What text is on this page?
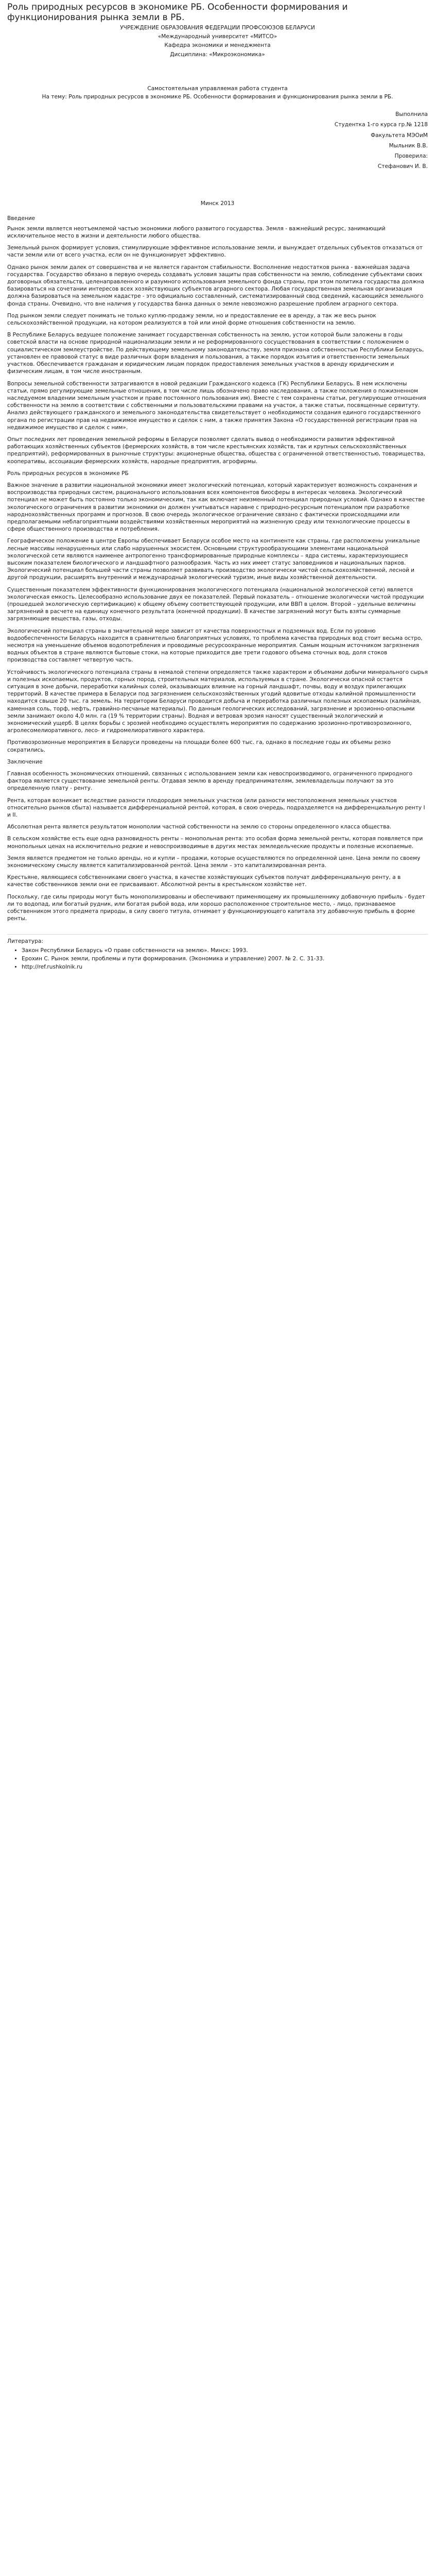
Роль природных ресурсов в экономике РБ. Особенности формирования и функционирования рынка земли в РБ.
УЧРЕЖДЕНИЕ ОБРАЗОВАНИЯ ФЕДЕРАЦИИ ПРОФСОЮЗОВ БЕЛАРУСИ
«Международный университет «МИТСО»
Кафедра экономики и менеджмента
Дисциплина: «Микроэкономика»
Самостоятельная управляемая работа студента
На тему: Роль природных ресурсов в экономике РБ. Особенности формирования и функционирования рынка земли в РБ.

Выполнила

Студентка 1-го курса гр.№ 1218

Факультета МЭОиМ

Мыльник В.В.

Проверила:

Стефанович И. В.

Минск 2013
Введение

Рынок земли является неотъемлемой частью экономики любого развитого государства. Земля - важнейший ресурс, занимающий исключительное место в жизни и деятельности любого общества.

Земельный рынок формирует условия, стимулирующие эффективное использование земли, и вынуждает отдельных субъектов отказаться от части земли или от всего участка, если он не функционирует эффективно.

Однако рынок земли далек от совершенства и не является гарантом стабильности. Восполнение недостатков рынка - важнейшая задача государства. Государство обязано в первую очередь создавать условия защиты прав собственности на землю, соблюдение субъектами своих договорных обязательств, целенаправленного и разумного использования земельного фонда страны, при этом политика государства должна базироваться на сочетании интересов всех хозяйствующих субъектов аграрного сектора. Любая государственная земельная организация должна базироваться на земельном кадастре - это официально составленный, систематизированный свод сведений, касающийся земельного фонда страны. Очевидно, что вне наличия у государства банка данных о земле невозможно разрешение проблем аграрного сектора.

Под рынком земли следует понимать не только куплю-продажу земли, но и предоставление ее в аренду, а так же весь рынок сельскохозяйственной продукции, на котором реализуются в той или иной форме отношения собственности на землю.

В Республике Беларусь ведущее положение занимает государственная собственность на землю, устои которой были заложены в годы советской власти на основе природной национализации земли и не реформированного сосуществования в соответствии с положением о социалистическом землеустройстве. По действующему земельному законодательству, земля признана собственностью Республики Беларусь, установлен ее правовой статус в виде различных форм владения и пользования, а также порядок изъятия и ответственности земельных участков. Обеспечивается гражданам и юридическим лицам порядок предоставления земельных участков в аренду юридическим и физическим лицам, в том числе иностранным.

Вопросы земельной собственности затрагиваются в новой редакции Гражданского кодекса (ГК) Республики Беларусь. В нем исключены статьи, прямо регулирующие земельные отношения, в том числе лишь обозначено право наследования, а также положения о пожизненном наследуемом владении земельным участком и праве постоянного пользования им). Вместе с тем сохранены статьи, регулирующие отношения собственности на землю в соответствии с собственными и пользовательскими правами на участок, а также статьи, посвященные сервитуту. Анализ действующего гражданского и земельного законодательства свидетельствует о необходимости создания единого государственного органа по регистрации прав на недвижимое имущество и сделок с ним, а также принятия Закона «О государственной регистрации прав на недвижимое имущество и сделок с ним».

Опыт последних лет проведения земельной реформы в Беларуси позволяет сделать вывод о необходимости развития эффективной работающих хозяйственных субъектов (фермерских хозяйств, в том числе крестьянских хозяйств, так и крупных сельскохозяйственных предприятий), реформированных в рыночные структуры: акционерные общества, общества с ограниченной ответственностью, товарищества, кооперативы, ассоциации фермерских хозяйств, народные предприятия, агрофирмы.

Роль природных ресурсов в экономике РБ

Важное значение в развитии национальной экономики имеет экологический потенциал, который характеризует возможность сохранения и воспроизводства природных систем, рационального использования всех компонентов биосферы в интересах человека. Экологический потенциал не может быть постоянно только экономическим, так как включает неизменный потенциал природных условий. Однако в качестве экологического ограничения в развитии экономики он должен учитываться наравне с природно-ресурсным потенциалом при разработке народнохозяйственных программ и прогнозов. В свою очередь экологическое ограничение связано с фактически происходящими или предполагаемыми неблагоприятными воздействиями хозяйственных мероприятий на жизненную среду или технологические процессы в сфере общественного производства и потребления.

Географическое положение в центре Европы обеспечивает Беларуси особое место на континенте как страны, где расположены уникальные лесные массивы ненарушенных или слабо нарушенных экосистем. Основными структурообразующими элементами национальной экологической сети являются наименее антропогенно трансформированные природные комплексы – ядра системы, характеризующиеся высоким показателем биологического и ландшафтного разнообразия. Часть из них имеет статус заповедников и национальных парков. Экологический потенциал большей части страны позволяет развивать производство экологически чистой сельскохозяйственной, лесной и другой продукции, расширять внутренний и международный экологический туризм, иные виды хозяйственной деятельности.

Существенным показателем эффективности функционирования экологического потенциала (национальной экологической сети) является экологическая емкость. Целесообразно использование двух ее показателей. Первый показатель – отношение экологически чистой продукции (прошедшей экологическую сертификацию) к общему объему соответствующей продукции, или ВВП в целом. Второй – удельные величины загрязнений в расчете на единицу конечного результата (конечной продукции). В качестве загрязнений могут быть взяты суммарные загрязняющие вещества, газы, отходы.

Экологический потенциал страны в значительной мере зависит от качества поверхностных и подземных вод. Если по уровню водообеспеченности Беларусь находится в сравнительно благоприятных условиях, то проблема качества природных вод стоит весьма остро, несмотря на уменьшение объемов водопотребления и проводимые ресурсоохранные мероприятия. Самым мощным источником загрязнения водных объектов в стране являются бытовые стоки, на которые приходится две трети годового объема сточных вод, доля стоков производства составляет четвертую часть.

Устойчивость экологического потенциала страны в немалой степени определяется также характером и объемами добычи минерального сырья и полезных ископаемых, продуктов, горных пород, строительных материалов, используемых в стране. Экологически опасной остается ситуация в зоне добычи, переработки калийных солей, оказывающих влияние на горный ландшафт, почвы, воду и воздух прилегающих территорий. В качестве примера в Беларуси под загрязнением сельскохозяйственных угодий ядовитые отходы калийной промышленности находится свыше 20 тыс. га земель. На территории Беларуси проводится добыча и переработка различных полезных ископаемых (калийная, каменная соль, торф, нефть, гравийно-песчаные материалы). По данным геологических исследований, загрязнение и эрозионно-опасными земли занимают около 4,0 млн. га (19 % территории страны). Водная и ветровая эрозия наносят существенный экологический и экономический ущерб. В целях борьбы с эрозией необходимо осуществлять мероприятия по содержанию эрозионно-противоэрозионного, агролесомелиоративного, лесо- и гидромелиоративного характера.

Противоэрозионные мероприятия в Беларуси проведены на площади более 600 тыс. га, однако в последние годы их объемы резко сократились.

Заключение

Главная особенность экономических отношений, связанных с использованием земли как невоспроизводимого, ограниченного природного фактора является существование земельной ренты. Отдавая землю в аренду предпринимателям, землевладельцы получают за это определенную плату - ренту.

Рента, которая возникает вследствие разности плодородия земельных участков (или разности местоположения земельных участков относительно рынков сбыта) называется дифференциальной рентой, которая, в свою очередь, подразделяется на дифференциальную ренту I и II.

Абсолютная рента является результатом монополии частной собственности на землю со стороны определенного класса общества.

В сельском хозяйстве есть еще одна разновидность ренты – монопольная рента: это особая форма земельной ренты, которая появляется при монопольных ценах на исключительно редкие и невоспроизводимые в других местах земледельческие продукты и полезные ископаемые.

Земля является предметом не только аренды, но и купли – продажи, которые осуществляются по определенной цене. Цена земли по своему экономическому смыслу является капитализированной рентой. Цена земли – это капитализированная рента.

Крестьяне, являющиеся собственниками своего участка, в качестве хозяйствующих субъектов получат дифференциальную ренту, а в качестве собственников земли они ее присваивают. Абсолютной ренты в крестьянском хозяйстве нет.

Поскольку, где силы природы могут быть монополизированы и обеспечивают применяющему их промышленнику добавочную прибыль - будет ли то водопад, или богатый рудник, или богатая рыбой вода, или хорошо расположенное строительное место, - лицо, признаваемое собственником этого предмета природы, в силу своего титула, отнимает у функционирующего капитала эту добавочную прибыль в форме ренты.

Литература:
• Закон Республики Беларусь «О праве собственности на землю». Минск: 1993.
• Ерохин С. Рынок земли, проблемы и пути формирования. (Экономика и управление) 2007. № 2. С. 31-33.
• http://ref.rushkolnik.ru
